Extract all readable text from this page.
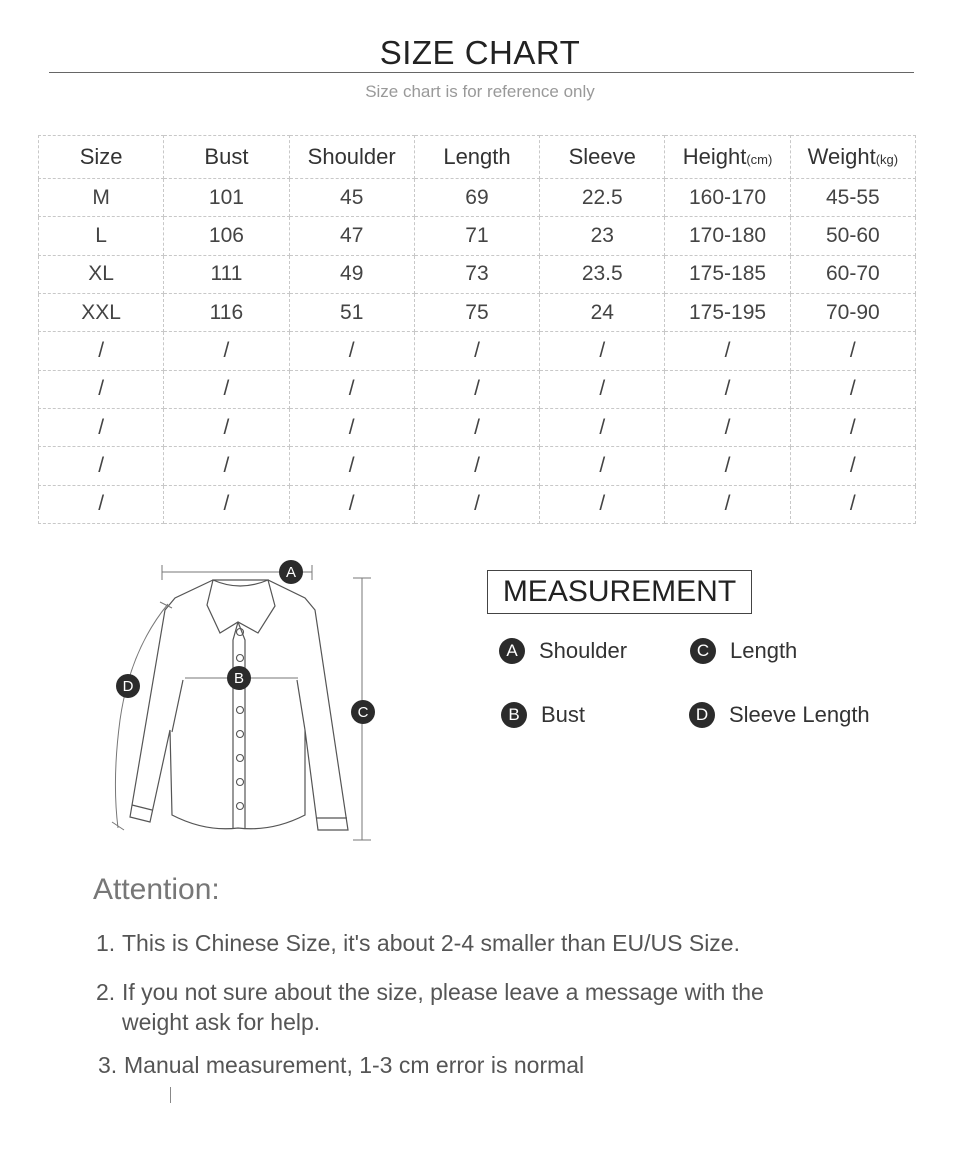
SIZE CHART
Size chart is for reference only
Size	Bust	Shoulder	Length	Sleeve	Height(cm)	Weight(kg)
M	101	45	69	22.5	160-170	45-55
L	106	47	71	23	170-180	50-60
XL	111	49	73	23.5	175-185	60-70
XXL	116	51	75	24	175-195	70-90
/	/	/	/	/	/	/
/	/	/	/	/	/	/
/	/	/	/	/	/	/
/	/	/	/	/	/	/
/	/	/	/	/	/	/
A
B
C
D
MEASUREMENT
A Shoulder	C Length
B Bust	D Sleeve Length
Attention:
1. This is Chinese Size, it's about 2-4 smaller than EU/US Size.
2. If you not sure about the size, please leave a message with the
weight ask for help.
3. Manual measurement, 1-3 cm error is normal
